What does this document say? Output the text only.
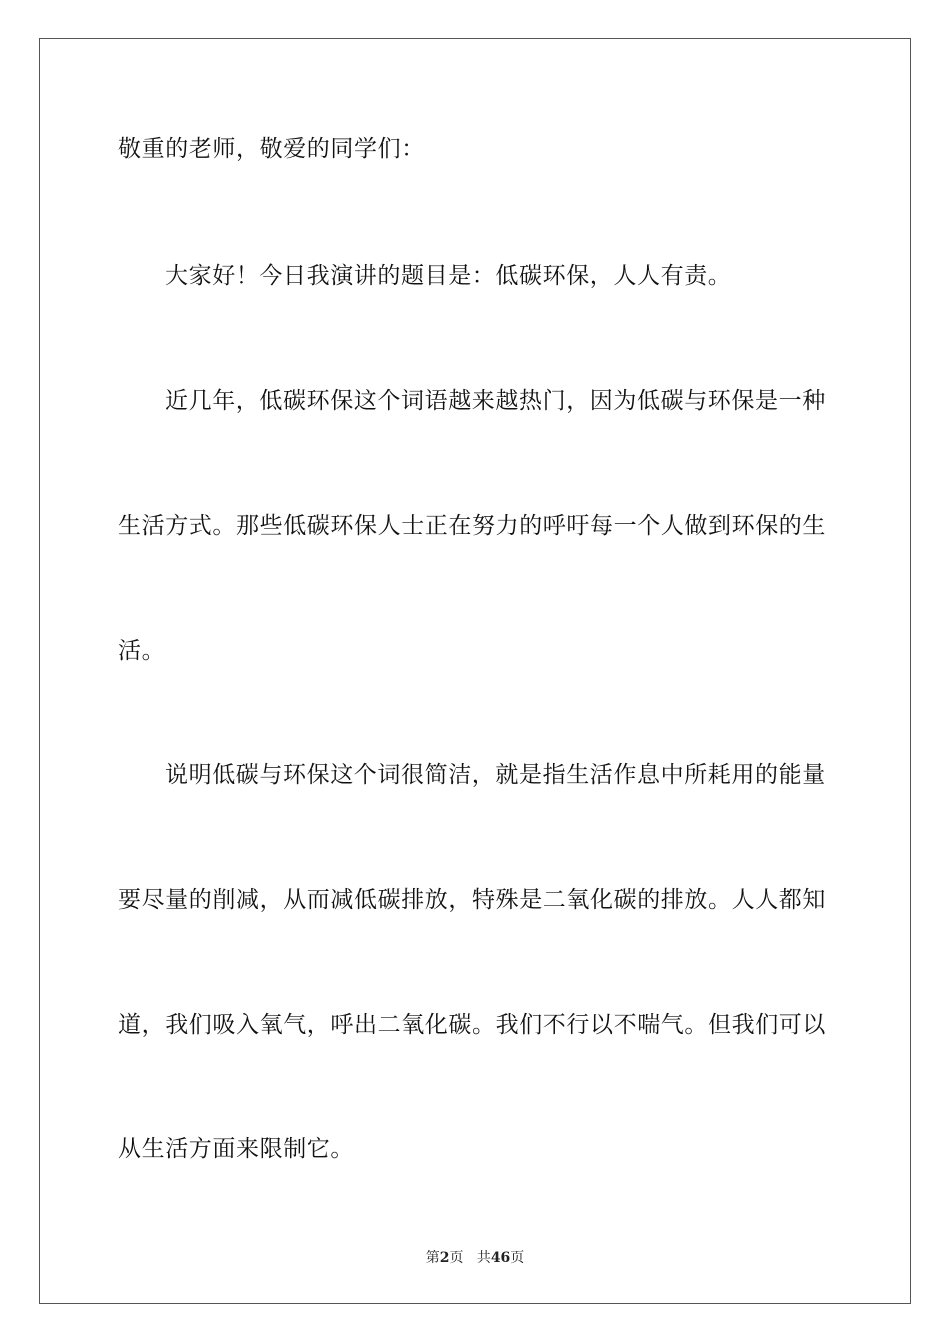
敬重的老师，敬爱的同学们：
大家好！今日我演讲的题目是：低碳环保，人人有责。
近几年，低碳环保这个词语越来越热门，因为低碳与环保是一种
生活方式。那些低碳环保人士正在努力的呼吁每一个人做到环保的生
活。
说明低碳与环保这个词很简洁，就是指生活作息中所耗用的能量
要尽量的削减，从而减低碳排放，特殊是二氧化碳的排放。人人都知
道，我们吸入氧气，呼出二氧化碳。我们不行以不喘气。但我们可以
从生活方面来限制它。
第2页 共46页
